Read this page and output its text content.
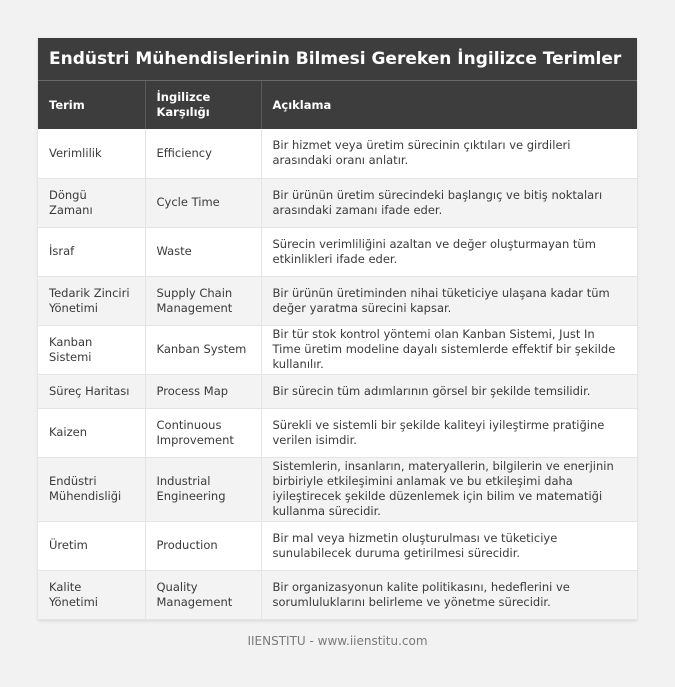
Endüstri Mühendislerinin Bilmesi Gereken İngilizce Terimler
Terim	İngilizce Karşılığı	Açıklama
Verimlilik	Efficiency	Bir hizmet veya üretim sürecinin çıktıları ve girdileri arasındaki oranı anlatır.
Döngü Zamanı	Cycle Time	Bir ürünün üretim sürecindeki başlangıç ve bitiş noktaları arasındaki zamanı ifade eder.
İsraf	Waste	Sürecin verimliliğini azaltan ve değer oluşturmayan tüm etkinlikleri ifade eder.
Tedarik Zinciri Yönetimi	Supply Chain Management	Bir ürünün üretiminden nihai tüketiciye ulaşana kadar tüm değer yaratma sürecini kapsar.
Kanban Sistemi	Kanban System	Bir tür stok kontrol yöntemi olan Kanban Sistemi, Just In Time üretim modeline dayalı sistemlerde effektif bir şekilde kullanılır.
Süreç Haritası	Process Map	Bir sürecin tüm adımlarının görsel bir şekilde temsilidir.
Kaizen	Continuous Improvement	Sürekli ve sistemli bir şekilde kaliteyi iyileştirme pratiğine verilen isimdir.
Endüstri Mühendisliği	Industrial Engineering	Sistemlerin, insanların, materyallerin, bilgilerin ve enerjinin birbiriyle etkileşimini anlamak ve bu etkileşimi daha iyileştirecek şekilde düzenlemek için bilim ve matematiği kullanma sürecidir.
Üretim	Production	Bir mal veya hizmetin oluşturulması ve tüketiciye sunulabilecek duruma getirilmesi sürecidir.
Kalite Yönetimi	Quality Management	Bir organizasyonun kalite politikasını, hedeflerini ve sorumluluklarını belirleme ve yönetme sürecidir.
IIENSTITU - www.iienstitu.com
